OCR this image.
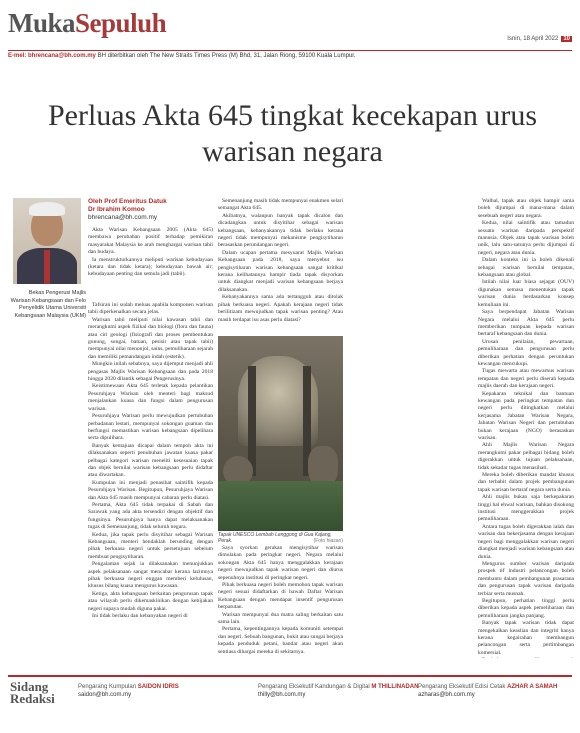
MukaSepuluh
Isnin, 18 April 2022 10
E-mel: bhrencana@bh.com.my BH diterbitkan oleh The New Straits Times Press (M) Bhd, 31, Jalan Riong, 59100 Kuala Lumpur.
Perluas Akta 645 tingkat kecekapan urus warisan negara
Bekas Pengerusi Majlis Warisan Kebangsaan dan Felo Penyelidik Utama Universiti Kebangsaan Malaysia (UKM)
Oleh Prof Emeritus Datuk
Dr Ibrahim Komoo
bhrencana@bh.com.my

Akta Warisan Kebangsaan 2005 (Akta 645) membawa perubahan positif terhadap pemikiran masyarakat Malaysia ke arah menghargai warisan tabii dan budaya.

Ia menstrukturkannya meliputi warisan kebudayaan (ketara dan tidak ketara); kebudayaan bawah air; kebudayaan penting dan semula jadi (tabii).

Tafsiran ini sudah meluas apabila komponen warisan tabii diperkenalkan secara jelas.

Warisan tabii meliputi nilai kawasan tabii dan merangkumi aspek fizikal dan biologi (flora dan fauna) atau ciri geologi (fisiografi dan proses pembentukan gunung, sungai, batuan, pesisir atau tapak tabii) mempunyai nilai menonjol, sains, pemuliharaan sejarah dan memiliki pemandangan indah (estetik).

Mungkin inilah sebabnya, saya dijemput menjadi ahli pengasas Majlis Warisan Kebangsaan dan pada 2018 hingga 2020 dilantik sebagai Pengerusinya.

Keistimewaan Akta 645 terletak kepada pelantikan Pesuruhjaya Warisan oleh menteri bagi maksud menjalankan kuasa dan fungsi dalam pengurusan warisan.

Pesuruhjaya Warisan perlu mewujudkan pertubuhan perbadanan lestari, mempunyai sokongan guaman dan berfungsi memastikan warisan kebangsaan dipelihara serta dipulihara.

Banyak kemajuan dicapai dalam tempoh akta ini dilaksanakan seperti penubuhan jawatan kuasa pakar pelbagai kategori warisan meneliti kesesuaian tapak dan objek bernilai warisan kebangsaan perlu didaftar atau diwartakan.

Kumpulan ini menjadi penasihat saintifik kepada Pesuruhjaya Warisan. Begitupun, Pesuruhjaya Warisan dan Akta 645 masih mempunyai cabaran perlu diatasi.

Pertama, Akta 645 tidak terpakai di Sabah dan Sarawak yang ada akta tersendiri dengan objektif dan fungsinya. Pesuruhjaya hanya dapat melaksanakan tugas di Semenanjung, tidak seluruh negara.

Kedua, jika tapak perlu disyitihar sebagai Warisan Kebangsaan, menteri hendaklah berunding dengan pihak berkuasa negeri untuk persetujuan sebelum membuat pengisytiharan.

Pengalaman sejak ia dilaksanakan menunjukkan aspek pelaksanaan sangat mencabar kerana lazimnya pihak berkuasa negeri enggan memberi kelulusan, khusus bilang kuasa mengurus kawasan.

Ketiga, akta kebangsaan berkaitan pengurusan tapak atau wilayah perlu dikemaskinikan dengan kebijakan negeri supaya mudah diguna pakai.

Ini tidak berlaku dan kebanyakan negeri di

Semenanjung masih tidak mempunyai enakmen selari semangat Akta 645.

Akibatnya, walaupun banyak tapak dicalon dan dicadangkan untuk disyitihar sebagai warisan kebangsaan, kebanyakannya tidak berlaku kerana negeri tidak mempunyai mekanisme pengisytiharan berasaskan perundangan negeri.

Dalam ucapan pertama mesyuarat Majlis Warisan Kebangsaan pada 2018, saya menyebut isu pengisytiharan warisan kebangsaan sangat kritikal kerana kelihatannya hampir tiada tapak disyorkan untuk diangkat menjadi warisan kebangsaan berjaya dilaksanakan.

Kebanyakannya sama ada tertangguh atau ditolak pihak berkuasa negeri. Apakah kerajaan negeri tidak berilitizam mewujudkan tapak warisan penting? Atau masih terdapat isu asas perlu diatasi?

Tapak UNESCO Lembah Lenggong di Gua Kajang, Perak.	(Foto hiasan)

Saya syorkan gerakan mengisytihar warisan dimulakan pada peringkat negeri. Negara melalui sokongan Akta 645 hanya menggalakkan kerajaan negeri mewujudkan tapak warisan negeri dan diurus sepenuhnya institusi di peringkat negeri.

Pihak berkuasa negeri boleh memohon tapak warisan negeri sesuai didaftarkan di bawah Daftar Warisan Kebangsaan dengan mendapat insentif pengurusan berpatutan.

Warisan mempunyai dua matra saling berkaitan satu sama lain.

Pertama, kepentingannya kepada komuniti setempat dan negeri. Sebuah bangunan, bukit atau sungai berjaya kepada penduduk petani, bandar atau negeri akan sentiasa dihargai mereka di sekitarnya.

Walhal, tapak atau objek hampir sama boleh dijumpai di mana-mana dalam sesebuah negeri atau negara.

Kedua, nilai saintifik atau tamadun sesuatu warisan daripada perspektif manusia. Objek atau tapak warisan boleh unik, lalu satu-satunya perlu dijumpai di negeri, negara atau dunia.

Dalam konteks ini ia boleh dikenali sebagai warisan bernilai tempatan, kebangsaan atau global.

Istilah nilai luar biasa sejagat (OUV) digunakan semasa menentukan tapak warisan dunia berdasarkan konsep kemuliaan ini.

Saya berpendapat Jabatan Warisan Negara melalui Akta 645 perlu memberikan tumpuan kepada warisan bertaraf kebangsaan dan dunia.

Urusan penilaian, pewartaan, pemuliharaan dan pengurusan perlu diberikan perhatian dengan peruntukan kewangan mencukupi.

Tugas mewarta atau mewarnus warisan tempatan dan negeri perlu diserah kepada majlis daerah dan kerajaan negeri.

Kepakaran teknikal dan bantuan kewangan pada peringkat tempatan dan negeri perlu ditingkatkan melalui kerjasama Jabatan Warisan Negara, Jabatan Warisan Negeri dan pertubuhan bukan kerajaan (NGO) berasaskan warisan.

Ahli Majlis Warisan Negara merangkumi pakar pelbagai bidang boleh digerakkan untuk tujuan pelaksanaan, tidak sekadar tugas menasihati.

Mereka boleh diberikan mandat khusus dan terbabit dalam projek pembangunan tapak warisan bertaraf negara serta dunia.

Ahli majlis bukan saja berkepakaran tinggi hal ehwal warisan, bahkan disokong institusi menggerakkan projek pemuliharaan.

Antara tugas boleh digerakkan ialah dan warisan dan bekerjasama dengan kerajaan negeri bagi menggalakkan warisan negeri diangkat menjadi warisan kebangsaan atau dunia.

Mengurus sumber warisan daripada prospek tif industri pelancongan boleh membantu dalam pembangunan prasarana dan pengurusan tapak warisan daripada terbiar serta musnah.

Begitupun, perhatian tinggi perlu diberikan kepada aspek pemeliharaan dan pemuliharaan jangka panjang.

Banyak tapak warisan tidak dapat mengekalkan keaslian dan integriti hanya kerana kegairahan membangun pelancongan serta pertimbangan komersial.

Sidang
Redaksi
Pengarang Kumpulan SAIDON IDRIS
saidon@bh.com.my
Pengarang Eksekutif Kandungan & Digital M THILLINADAN
thilly@bh.com.my
Pengarang Eksekutif Edisi Cetak AZHAR A SAMAH
azharas@bh.com.my
